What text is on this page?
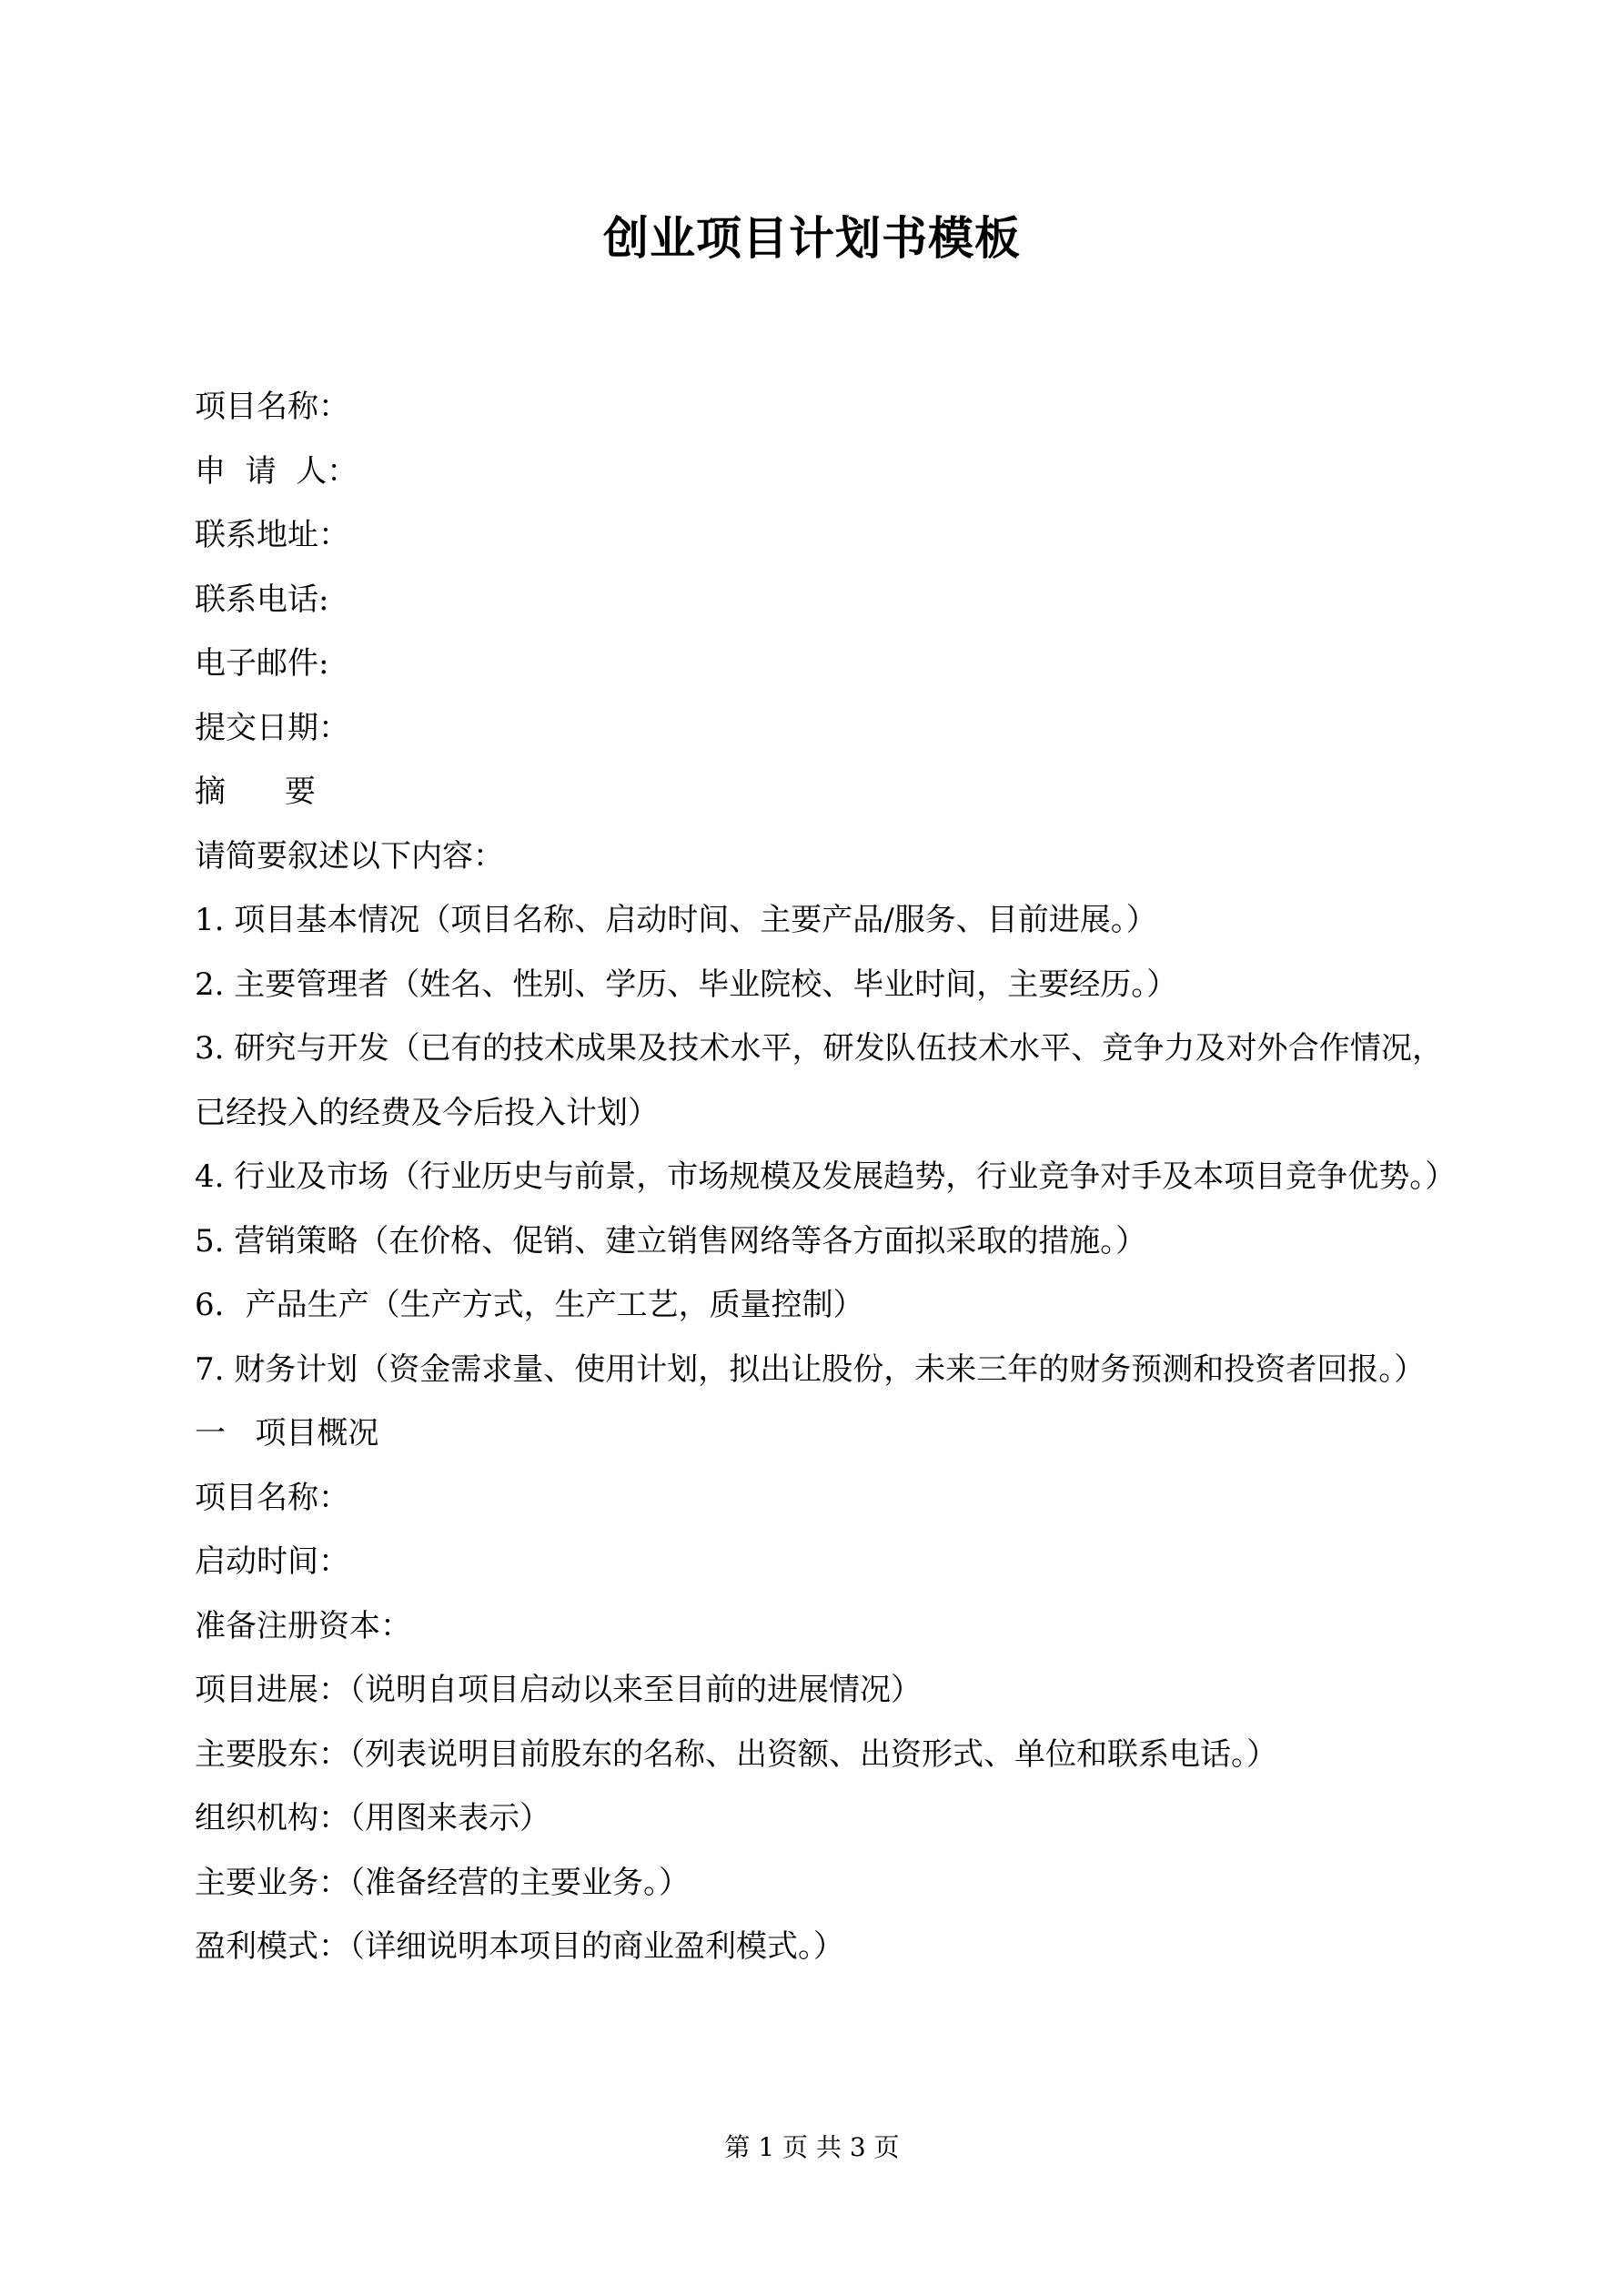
创业项目计划书模板
项目名称：
申  请  人：
联系地址：
联系电话:
电子邮件:
提交日期：
摘      要
请简要叙述以下内容：
1. 项目基本情况（项目名称、启动时间、主要产品/服务、目前进展。）
2. 主要管理者（姓名、性别、学历、毕业院校、毕业时间，主要经历。）
3. 研究与开发（已有的技术成果及技术水平，研发队伍技术水平、竞争力及对外合作情况，已经投入的经费及今后投入计划）
4. 行业及市场（行业历史与前景，市场规模及发展趋势，行业竞争对手及本项目竞争优势。）
5. 营销策略（在价格、促销、建立销售网络等各方面拟采取的措施。）
6．产品生产（生产方式，生产工艺，质量控制）
7. 财务计划（资金需求量、使用计划，拟出让股份，未来三年的财务预测和投资者回报。）
一   项目概况
项目名称：
启动时间：
准备注册资本：
项目进展：（说明自项目启动以来至目前的进展情况）
主要股东：（列表说明目前股东的名称、出资额、出资形式、单位和联系电话。）
组织机构：（用图来表示）
主要业务：（准备经营的主要业务。）
盈利模式：（详细说明本项目的商业盈利模式。）
第 1 页 共 3 页
